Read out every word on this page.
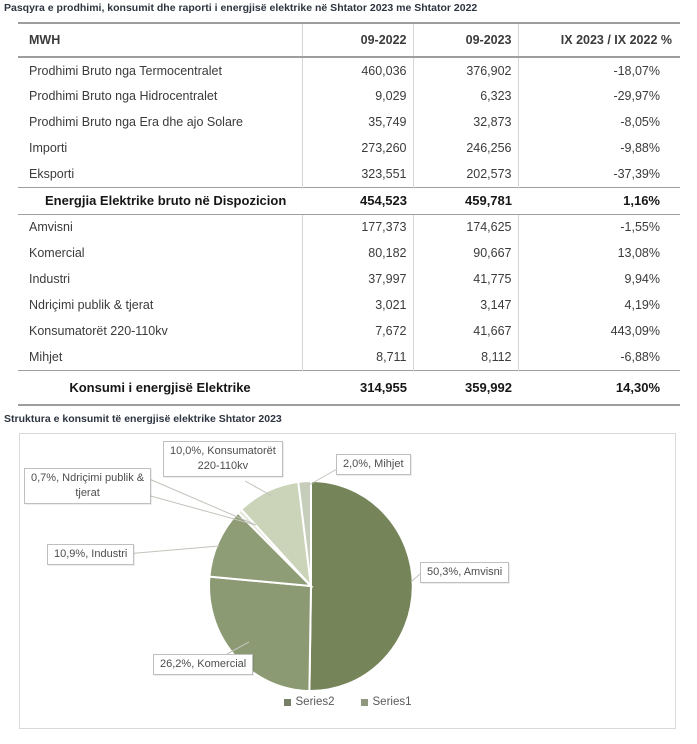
Pasqyra e prodhimi, konsumit dhe raporti i energjisë elektrike në Shtator 2023 me Shtator 2022
MWH	09-2022	09-2023	IX 2023 / IX 2022 %
Prodhimi Bruto nga Termocentralet	460,036	376,902	-18,07%
Prodhimi Bruto nga Hidrocentralet	9,029	6,323	-29,97%
Prodhimi Bruto nga Era dhe ajo Solare	35,749	32,873	-8,05%
Importi	273,260	246,256	-9,88%
Eksporti	323,551	202,573	-37,39%
Energjia Elektrike bruto në Dispozicion	454,523	459,781	1,16%
Amvisni	177,373	174,625	-1,55%
Komercial	80,182	90,667	13,08%
Industri	37,997	41,775	9,94%
Ndriçimi publik & tjerat	3,021	3,147	4,19%
Konsumatorët 220-110kv	7,672	41,667	443,09%
Mihjet	8,711	8,112	-6,88%
Konsumi i energjisë Elektrike	314,955	359,992	14,30%
Struktura e konsumit të energjisë elektrike Shtator 2023
10,0%, Konsumatorët
220-110kv	2,0%, Mihjet
0,7%, Ndriçimi publik &
tjerat
10,9%, Industri
50,3%, Amvisni
26,2%, Komercial
Series2	Series1
